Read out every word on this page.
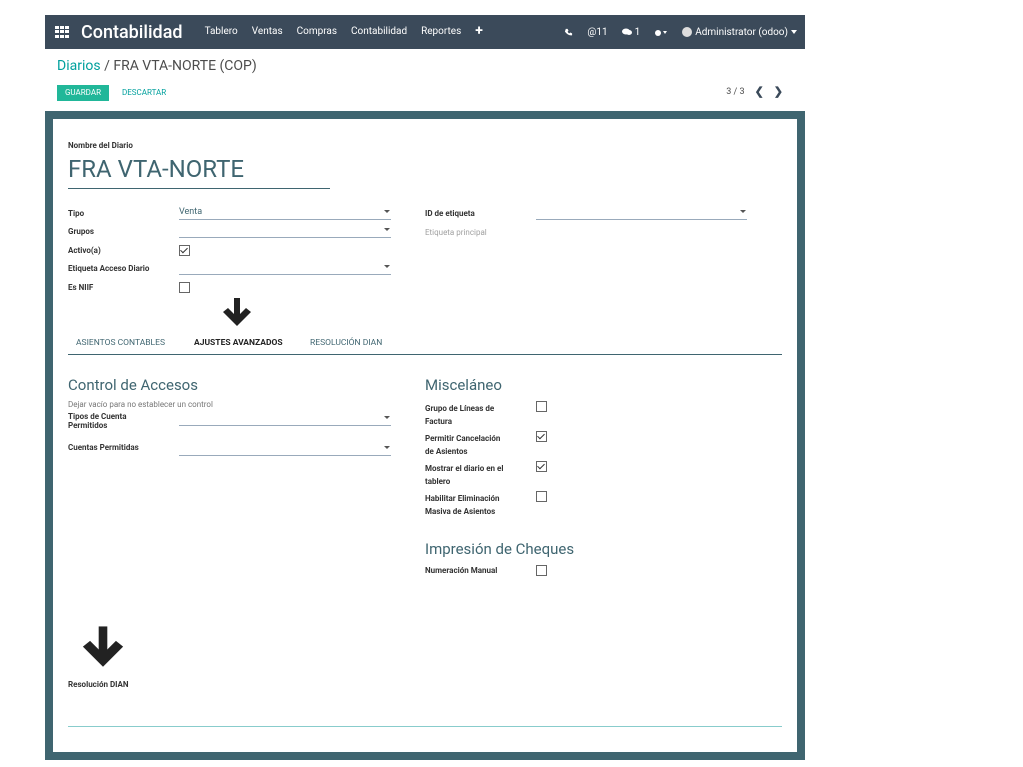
Contabilidad Tablero Ventas Compras Contabilidad Reportes +	@11	1	Administrator (odoo)
Diarios / FRA VTA-NORTE (COP)
GUARDAR	DESCARTAR	3 / 3 ❮ ❯
Nombre del Diario
FRA VTA-NORTE
Tipo	Venta
Grupos
Activo(a)
Etiqueta Acceso Diario
Es NIIF
ID de etiqueta
Etiqueta principal
ASIENTOS CONTABLES	AJUSTES AVANZADOS	RESOLUCIÓN DIAN
Control de Accesos
Dejar vacío para no establecer un control
Tipos de Cuenta
Permitidos
Cuentas Permitidas
Misceláneo
Grupo de Líneas de
Factura
Permitir Cancelación
de Asientos
Mostrar el diario en el
tablero
Habilitar Eliminación
Masiva de Asientos
Impresión de Cheques
Numeración Manual
Resolución DIAN
